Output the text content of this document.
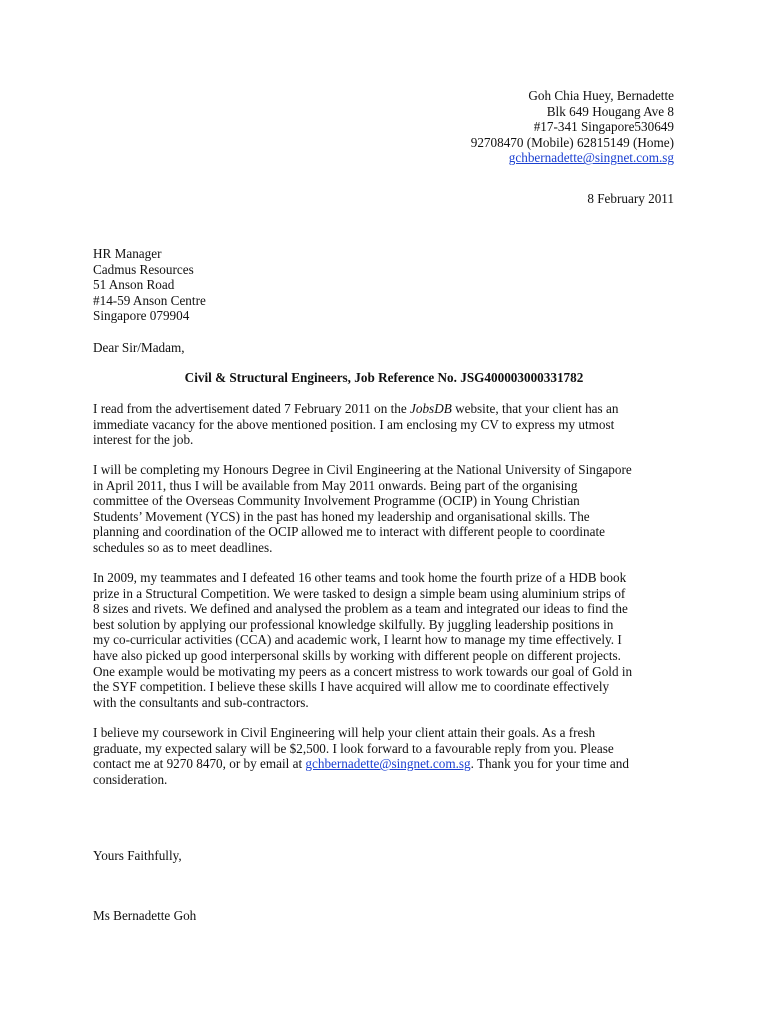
Goh Chia Huey, Bernadette
Blk 649 Hougang Ave 8
#17-341 Singapore530649
92708470 (Mobile) 62815149 (Home)
gchbernadette@singnet.com.sg
8 February 2011
HR Manager
Cadmus Resources
51 Anson Road
#14-59 Anson Centre
Singapore 079904
Dear Sir/Madam,
Civil & Structural Engineers, Job Reference No. JSG400003000331782
I read from the advertisement dated 7 February 2011 on the JobsDB website, that your client has an
immediate vacancy for the above mentioned position. I am enclosing my CV to express my utmost
interest for the job.
I will be completing my Honours Degree in Civil Engineering at the National University of Singapore
in April 2011, thus I will be available from May 2011 onwards. Being part of the organising
committee of the Overseas Community Involvement Programme (OCIP) in Young Christian
Students’ Movement (YCS) in the past has honed my leadership and organisational skills. The
planning and coordination of the OCIP allowed me to interact with different people to coordinate
schedules so as to meet deadlines.
In 2009, my teammates and I defeated 16 other teams and took home the fourth prize of a HDB book
prize in a Structural Competition. We were tasked to design a simple beam using aluminium strips of
8 sizes and rivets. We defined and analysed the problem as a team and integrated our ideas to find the
best solution by applying our professional knowledge skilfully. By juggling leadership positions in
my co-curricular activities (CCA) and academic work, I learnt how to manage my time effectively. I
have also picked up good interpersonal skills by working with different people on different projects.
One example would be motivating my peers as a concert mistress to work towards our goal of Gold in
the SYF competition. I believe these skills I have acquired will allow me to coordinate effectively
with the consultants and sub-contractors.
I believe my coursework in Civil Engineering will help your client attain their goals. As a fresh
graduate, my expected salary will be $2,500. I look forward to a favourable reply from you. Please
contact me at 9270 8470, or by email at gchbernadette@singnet.com.sg. Thank you for your time and
consideration.
Yours Faithfully,
Ms Bernadette Goh
